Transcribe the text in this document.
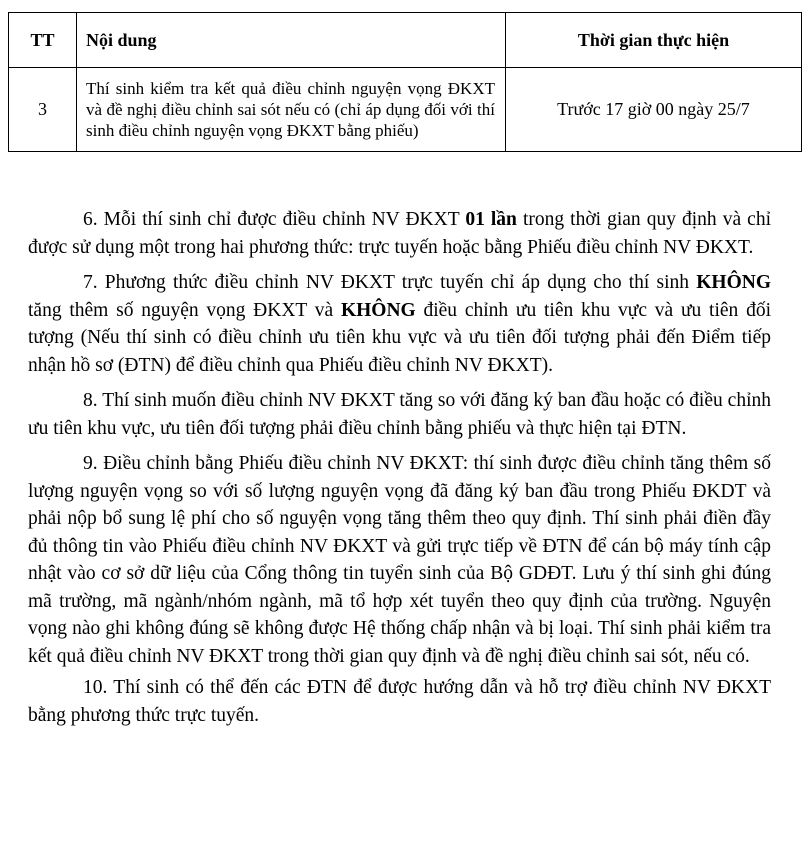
TT	Nội dung	Thời gian thực hiện
3	Thí sinh kiểm tra kết quả điều chỉnh nguyện vọng ĐKXT và đề nghị điều chỉnh sai sót nếu có (chỉ áp dụng đối với thí sinh điều chỉnh nguyện vọng ĐKXT bằng phiếu)	Trước 17 giờ 00 ngày 25/7

6. Mỗi thí sinh chỉ được điều chỉnh NV ĐKXT 01 lần trong thời gian quy định và chỉ được sử dụng một trong hai phương thức: trực tuyến hoặc bằng Phiếu điều chỉnh NV ĐKXT.

7. Phương thức điều chỉnh NV ĐKXT trực tuyến chỉ áp dụng cho thí sinh KHÔNG tăng thêm số nguyện vọng ĐKXT và KHÔNG điều chỉnh ưu tiên khu vực và ưu tiên đối tượng (Nếu thí sinh có điều chỉnh ưu tiên khu vực và ưu tiên đối tượng phải đến Điểm tiếp nhận hồ sơ (ĐTN) để điều chỉnh qua Phiếu điều chỉnh NV ĐKXT).

8. Thí sinh muốn điều chỉnh NV ĐKXT tăng so với đăng ký ban đầu hoặc có điều chỉnh ưu tiên khu vực, ưu tiên đối tượng phải điều chỉnh bằng phiếu và thực hiện tại ĐTN.

9. Điều chỉnh bằng Phiếu điều chỉnh NV ĐKXT: thí sinh được điều chỉnh tăng thêm số lượng nguyện vọng so với số lượng nguyện vọng đã đăng ký ban đầu trong Phiếu ĐKDT và phải nộp bổ sung lệ phí cho số nguyện vọng tăng thêm theo quy định. Thí sinh phải điền đầy đủ thông tin vào Phiếu điều chỉnh NV ĐKXT và gửi trực tiếp về ĐTN để cán bộ máy tính cập nhật vào cơ sở dữ liệu của Cổng thông tin tuyển sinh của Bộ GDĐT. Lưu ý thí sinh ghi đúng mã trường, mã ngành/nhóm ngành, mã tổ hợp xét tuyển theo quy định của trường. Nguyện vọng nào ghi không đúng sẽ không được Hệ thống chấp nhận và bị loại. Thí sinh phải kiểm tra kết quả điều chỉnh NV ĐKXT trong thời gian quy định và đề nghị điều chỉnh sai sót, nếu có.

10. Thí sinh có thể đến các ĐTN để được hướng dẫn và hỗ trợ điều chỉnh NV ĐKXT bằng phương thức trực tuyến.
